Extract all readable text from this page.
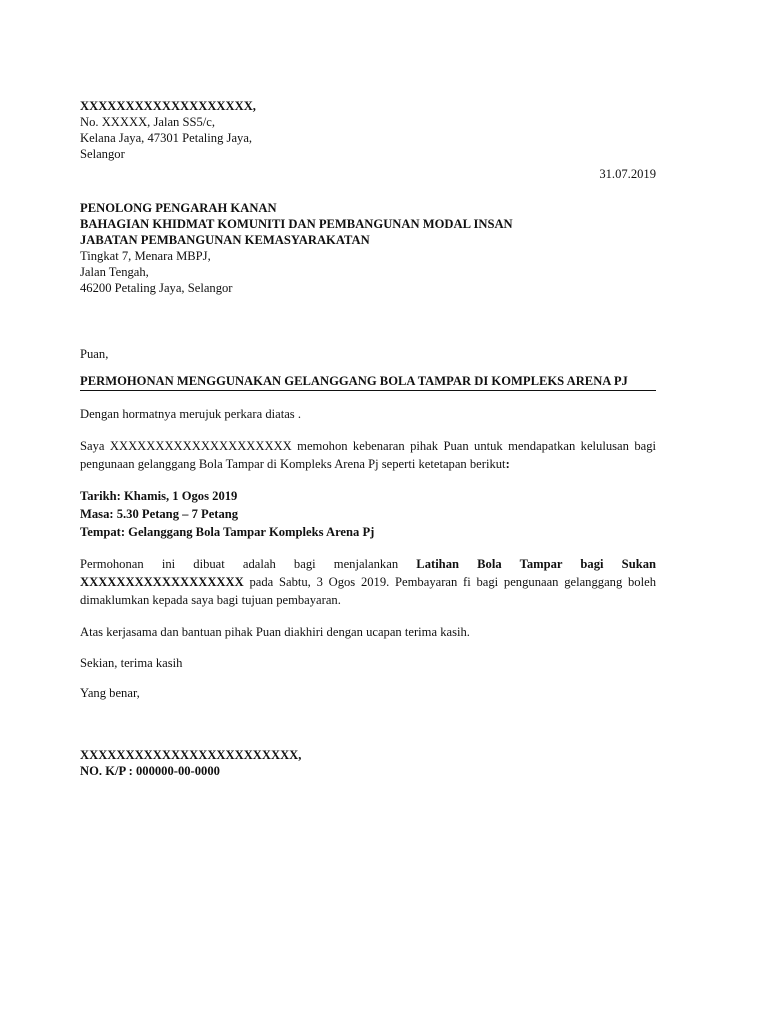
XXXXXXXXXXXXXXXXXXX,
No. XXXXX, Jalan SS5/c,
Kelana Jaya, 47301 Petaling Jaya,
Selangor
31.07.2019
PENOLONG PENGARAH KANAN
BAHAGIAN KHIDMAT KOMUNITI DAN PEMBANGUNAN MODAL INSAN
JABATAN PEMBANGUNAN KEMASYARAKATAN
Tingkat 7, Menara MBPJ,
Jalan Tengah,
46200 Petaling Jaya, Selangor
Puan,
PERMOHONAN MENGGUNAKAN GELANGGANG BOLA TAMPAR DI KOMPLEKS ARENA PJ
Dengan hormatnya merujuk perkara diatas .
Saya XXXXXXXXXXXXXXXXXXXX memohon kebenaran pihak Puan untuk mendapatkan kelulusan bagi pengunaan gelanggang Bola Tampar di Kompleks Arena Pj seperti ketetapan berikut:
Tarikh: Khamis, 1 Ogos 2019
Masa: 5.30 Petang – 7 Petang
Tempat: Gelanggang Bola Tampar Kompleks Arena Pj
Permohonan ini dibuat adalah bagi menjalankan Latihan Bola Tampar bagi Sukan XXXXXXXXXXXXXXXXXX pada Sabtu, 3 Ogos 2019. Pembayaran fi bagi pengunaan gelanggang boleh dimaklumkan kepada saya bagi tujuan pembayaran.
Atas kerjasama dan bantuan pihak Puan diakhiri dengan ucapan terima kasih.
Sekian, terima kasih
Yang benar,
XXXXXXXXXXXXXXXXXXXXXXXX,
NO. K/P : 000000-00-0000
